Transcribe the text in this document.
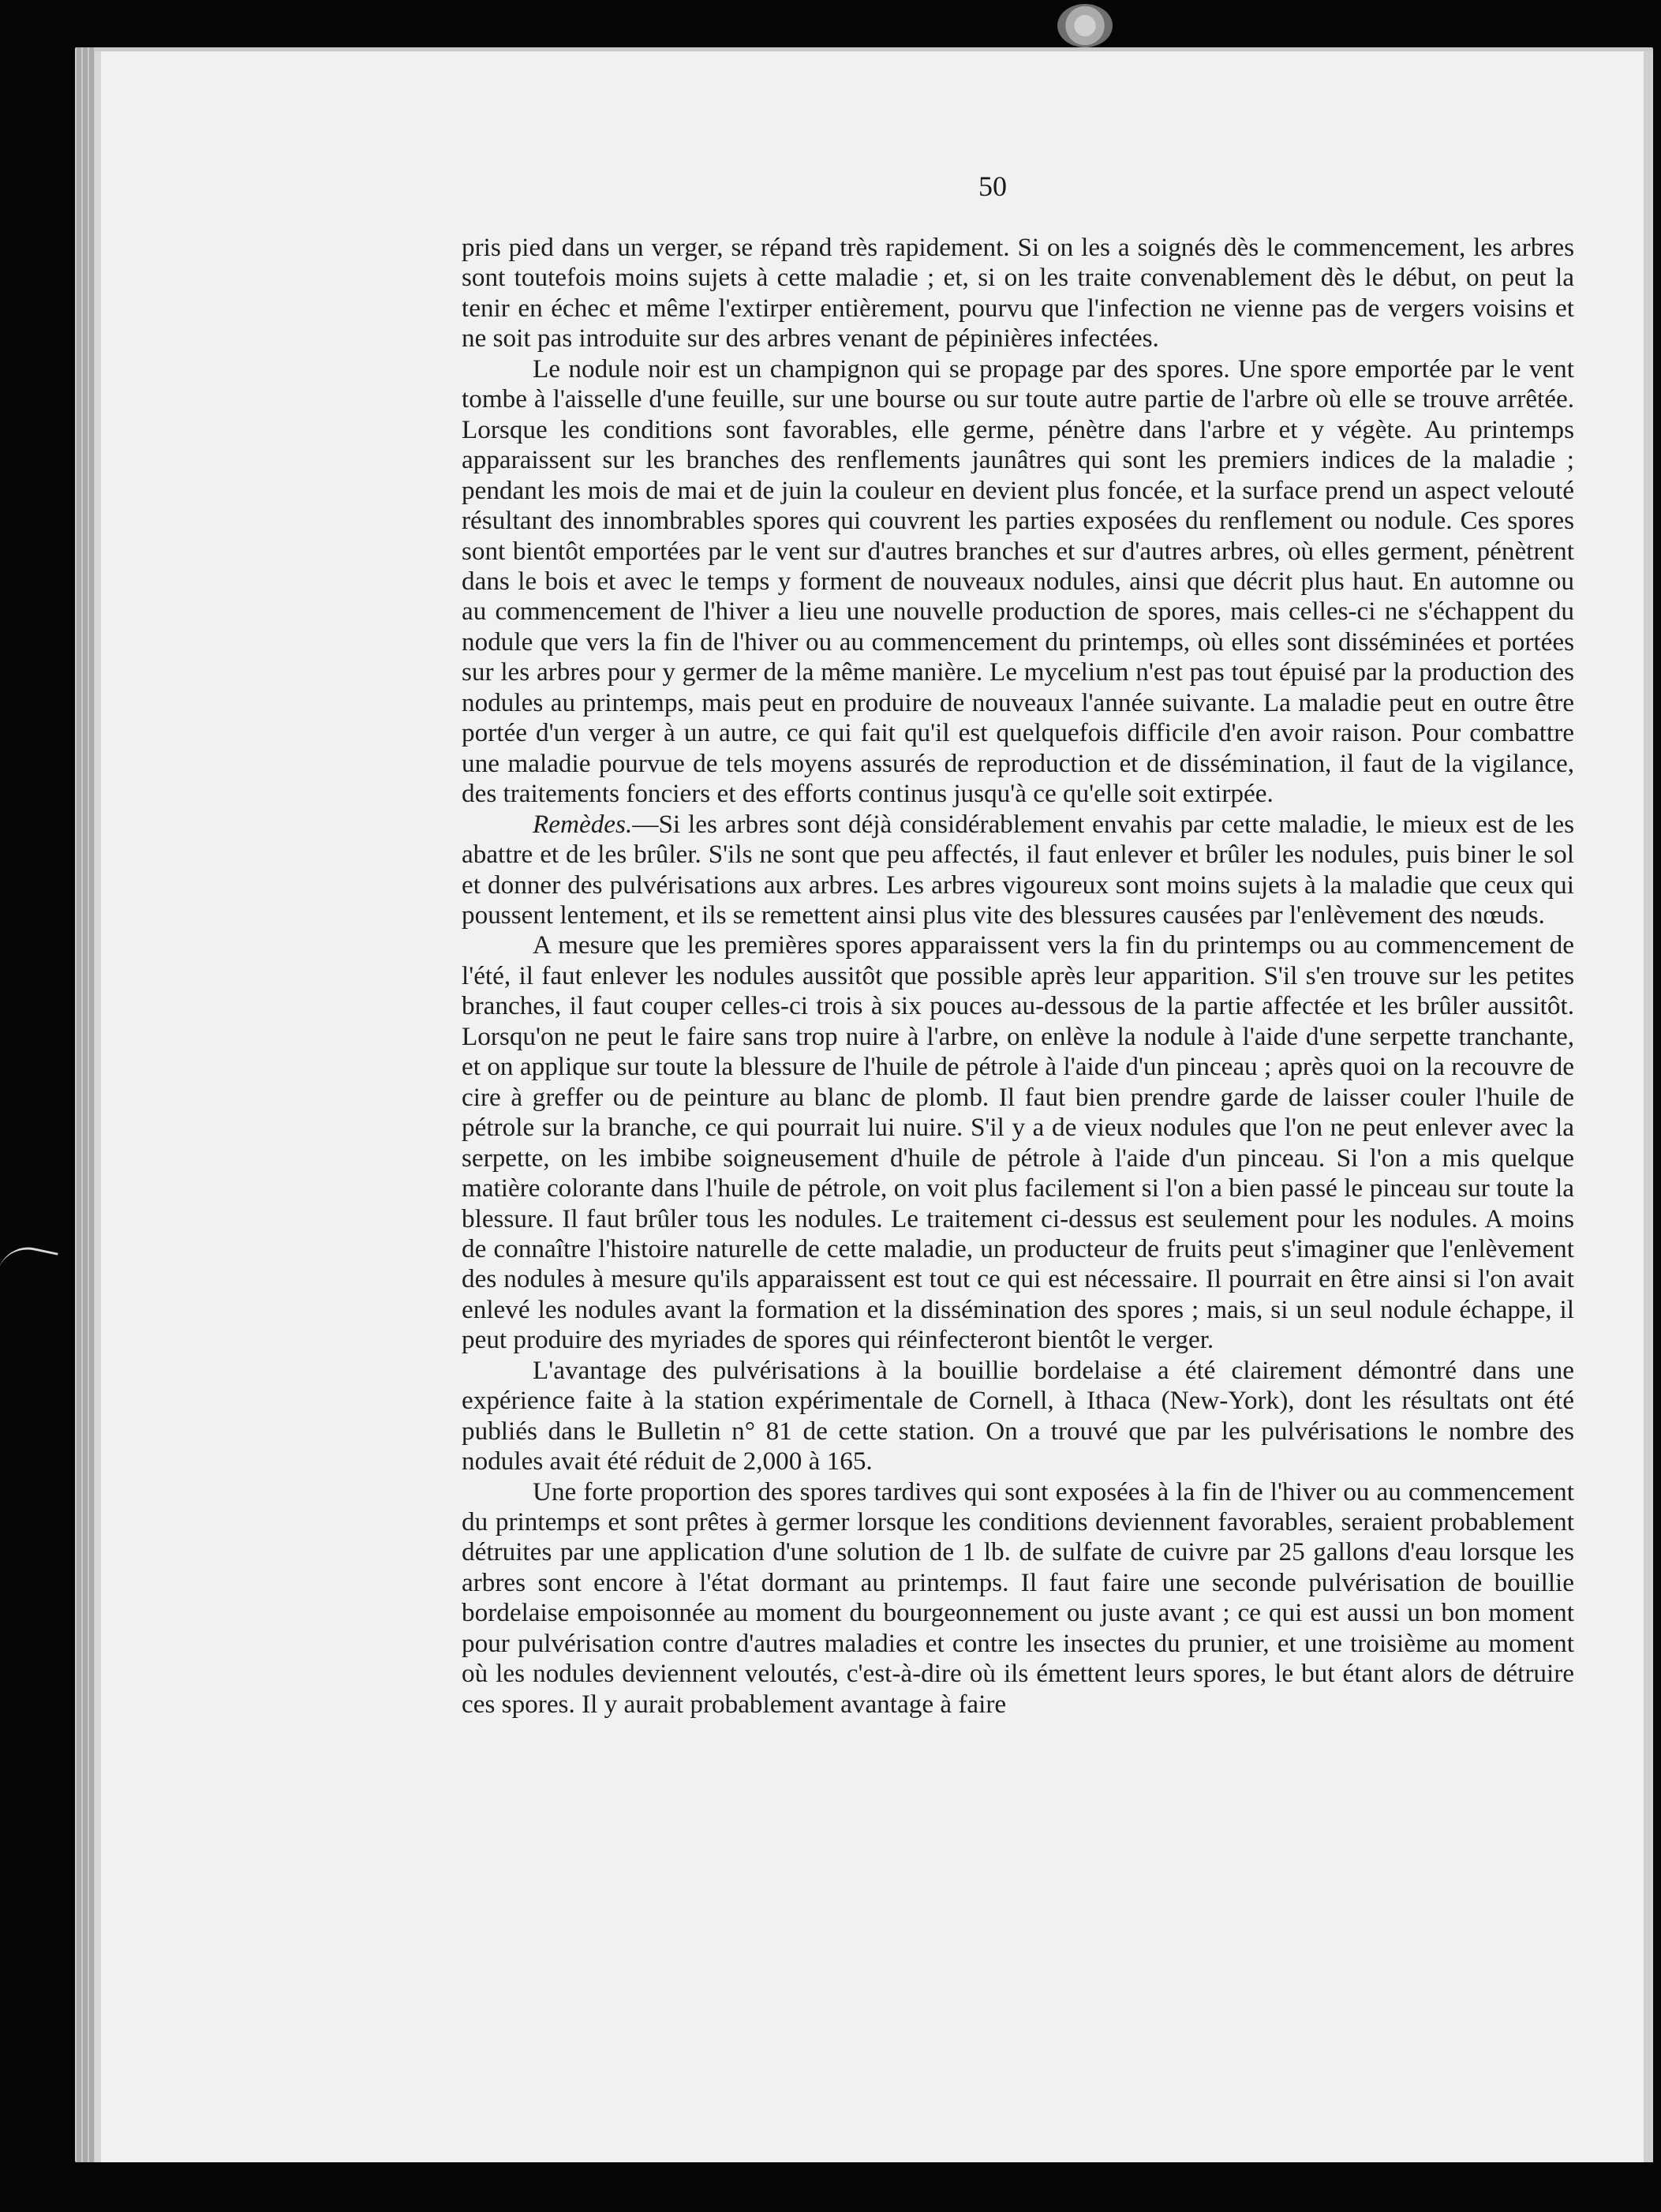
50

pris pied dans un verger, se répand très rapidement. Si on les a soignés dès le commencement, les arbres sont toutefois moins sujets à cette maladie ; et, si on les traite convenablement dès le début, on peut la tenir en échec et même l'extirper entièrement, pourvu que l'infection ne vienne pas de vergers voisins et ne soit pas introduite sur des arbres venant de pépinières infectées.

Le nodule noir est un champignon qui se propage par des spores. Une spore emportée par le vent tombe à l'aisselle d'une feuille, sur une bourse ou sur toute autre partie de l'arbre où elle se trouve arrêtée. Lorsque les conditions sont favorables, elle germe, pénètre dans l'arbre et y végète. Au printemps apparaissent sur les branches des renflements jaunâtres qui sont les premiers indices de la maladie ; pendant les mois de mai et de juin la couleur en devient plus foncée, et la surface prend un aspect velouté résultant des innombrables spores qui couvrent les parties exposées du renflement ou nodule. Ces spores sont bientôt emportées par le vent sur d'autres branches et sur d'autres arbres, où elles germent, pénètrent dans le bois et avec le temps y forment de nouveaux nodules, ainsi que décrit plus haut. En automne ou au commencement de l'hiver a lieu une nouvelle production de spores, mais celles-ci ne s'échappent du nodule que vers la fin de l'hiver ou au commencement du printemps, où elles sont disséminées et portées sur les arbres pour y germer de la même manière. Le mycelium n'est pas tout épuisé par la production des nodules au printemps, mais peut en produire de nouveaux l'année suivante. La maladie peut en outre être portée d'un verger à un autre, ce qui fait qu'il est quelquefois difficile d'en avoir raison. Pour combattre une maladie pourvue de tels moyens assurés de reproduction et de dissémination, il faut de la vigilance, des traitements fonciers et des efforts continus jusqu'à ce qu'elle soit extirpée.

Remèdes.—Si les arbres sont déjà considérablement envahis par cette maladie, le mieux est de les abattre et de les brûler. S'ils ne sont que peu affectés, il faut enlever et brûler les nodules, puis biner le sol et donner des pulvérisations aux arbres. Les arbres vigoureux sont moins sujets à la maladie que ceux qui poussent lentement, et ils se remettent ainsi plus vite des blessures causées par l'enlèvement des nœuds.

A mesure que les premières spores apparaissent vers la fin du printemps ou au commencement de l'été, il faut enlever les nodules aussitôt que possible après leur apparition. S'il s'en trouve sur les petites branches, il faut couper celles-ci trois à six pouces au-dessous de la partie affectée et les brûler aussitôt. Lorsqu'on ne peut le faire sans trop nuire à l'arbre, on enlève la nodule à l'aide d'une serpette tranchante, et on applique sur toute la blessure de l'huile de pétrole à l'aide d'un pinceau ; après quoi on la recouvre de cire à greffer ou de peinture au blanc de plomb. Il faut bien prendre garde de laisser couler l'huile de pétrole sur la branche, ce qui pourrait lui nuire. S'il y a de vieux nodules que l'on ne peut enlever avec la serpette, on les imbibe soigneusement d'huile de pétrole à l'aide d'un pinceau. Si l'on a mis quelque matière colorante dans l'huile de pétrole, on voit plus facilement si l'on a bien passé le pinceau sur toute la blessure. Il faut brûler tous les nodules. Le traitement ci-dessus est seulement pour les nodules. A moins de connaître l'histoire naturelle de cette maladie, un producteur de fruits peut s'imaginer que l'enlèvement des nodules à mesure qu'ils apparaissent est tout ce qui est nécessaire. Il pourrait en être ainsi si l'on avait enlevé les nodules avant la formation et la dissémination des spores ; mais, si un seul nodule échappe, il peut produire des myriades de spores qui réinfecteront bientôt le verger.

L'avantage des pulvérisations à la bouillie bordelaise a été clairement démontré dans une expérience faite à la station expérimentale de Cornell, à Ithaca (New-York), dont les résultats ont été publiés dans le Bulletin n° 81 de cette station. On a trouvé que par les pulvérisations le nombre des nodules avait été réduit de 2,000 à 165.

Une forte proportion des spores tardives qui sont exposées à la fin de l'hiver ou au commencement du printemps et sont prêtes à germer lorsque les conditions deviennent favorables, seraient probablement détruites par une application d'une solution de 1 lb. de sulfate de cuivre par 25 gallons d'eau lorsque les arbres sont encore à l'état dormant au printemps. Il faut faire une seconde pulvérisation de bouillie bordelaise empoisonnée au moment du bourgeonnement ou juste avant ; ce qui est aussi un bon moment pour pulvérisation contre d'autres maladies et contre les insectes du prunier, et une troisième au moment où les nodules deviennent veloutés, c'est-à-dire où ils émettent leurs spores, le but étant alors de détruire ces spores. Il y aurait probablement avantage à faire
